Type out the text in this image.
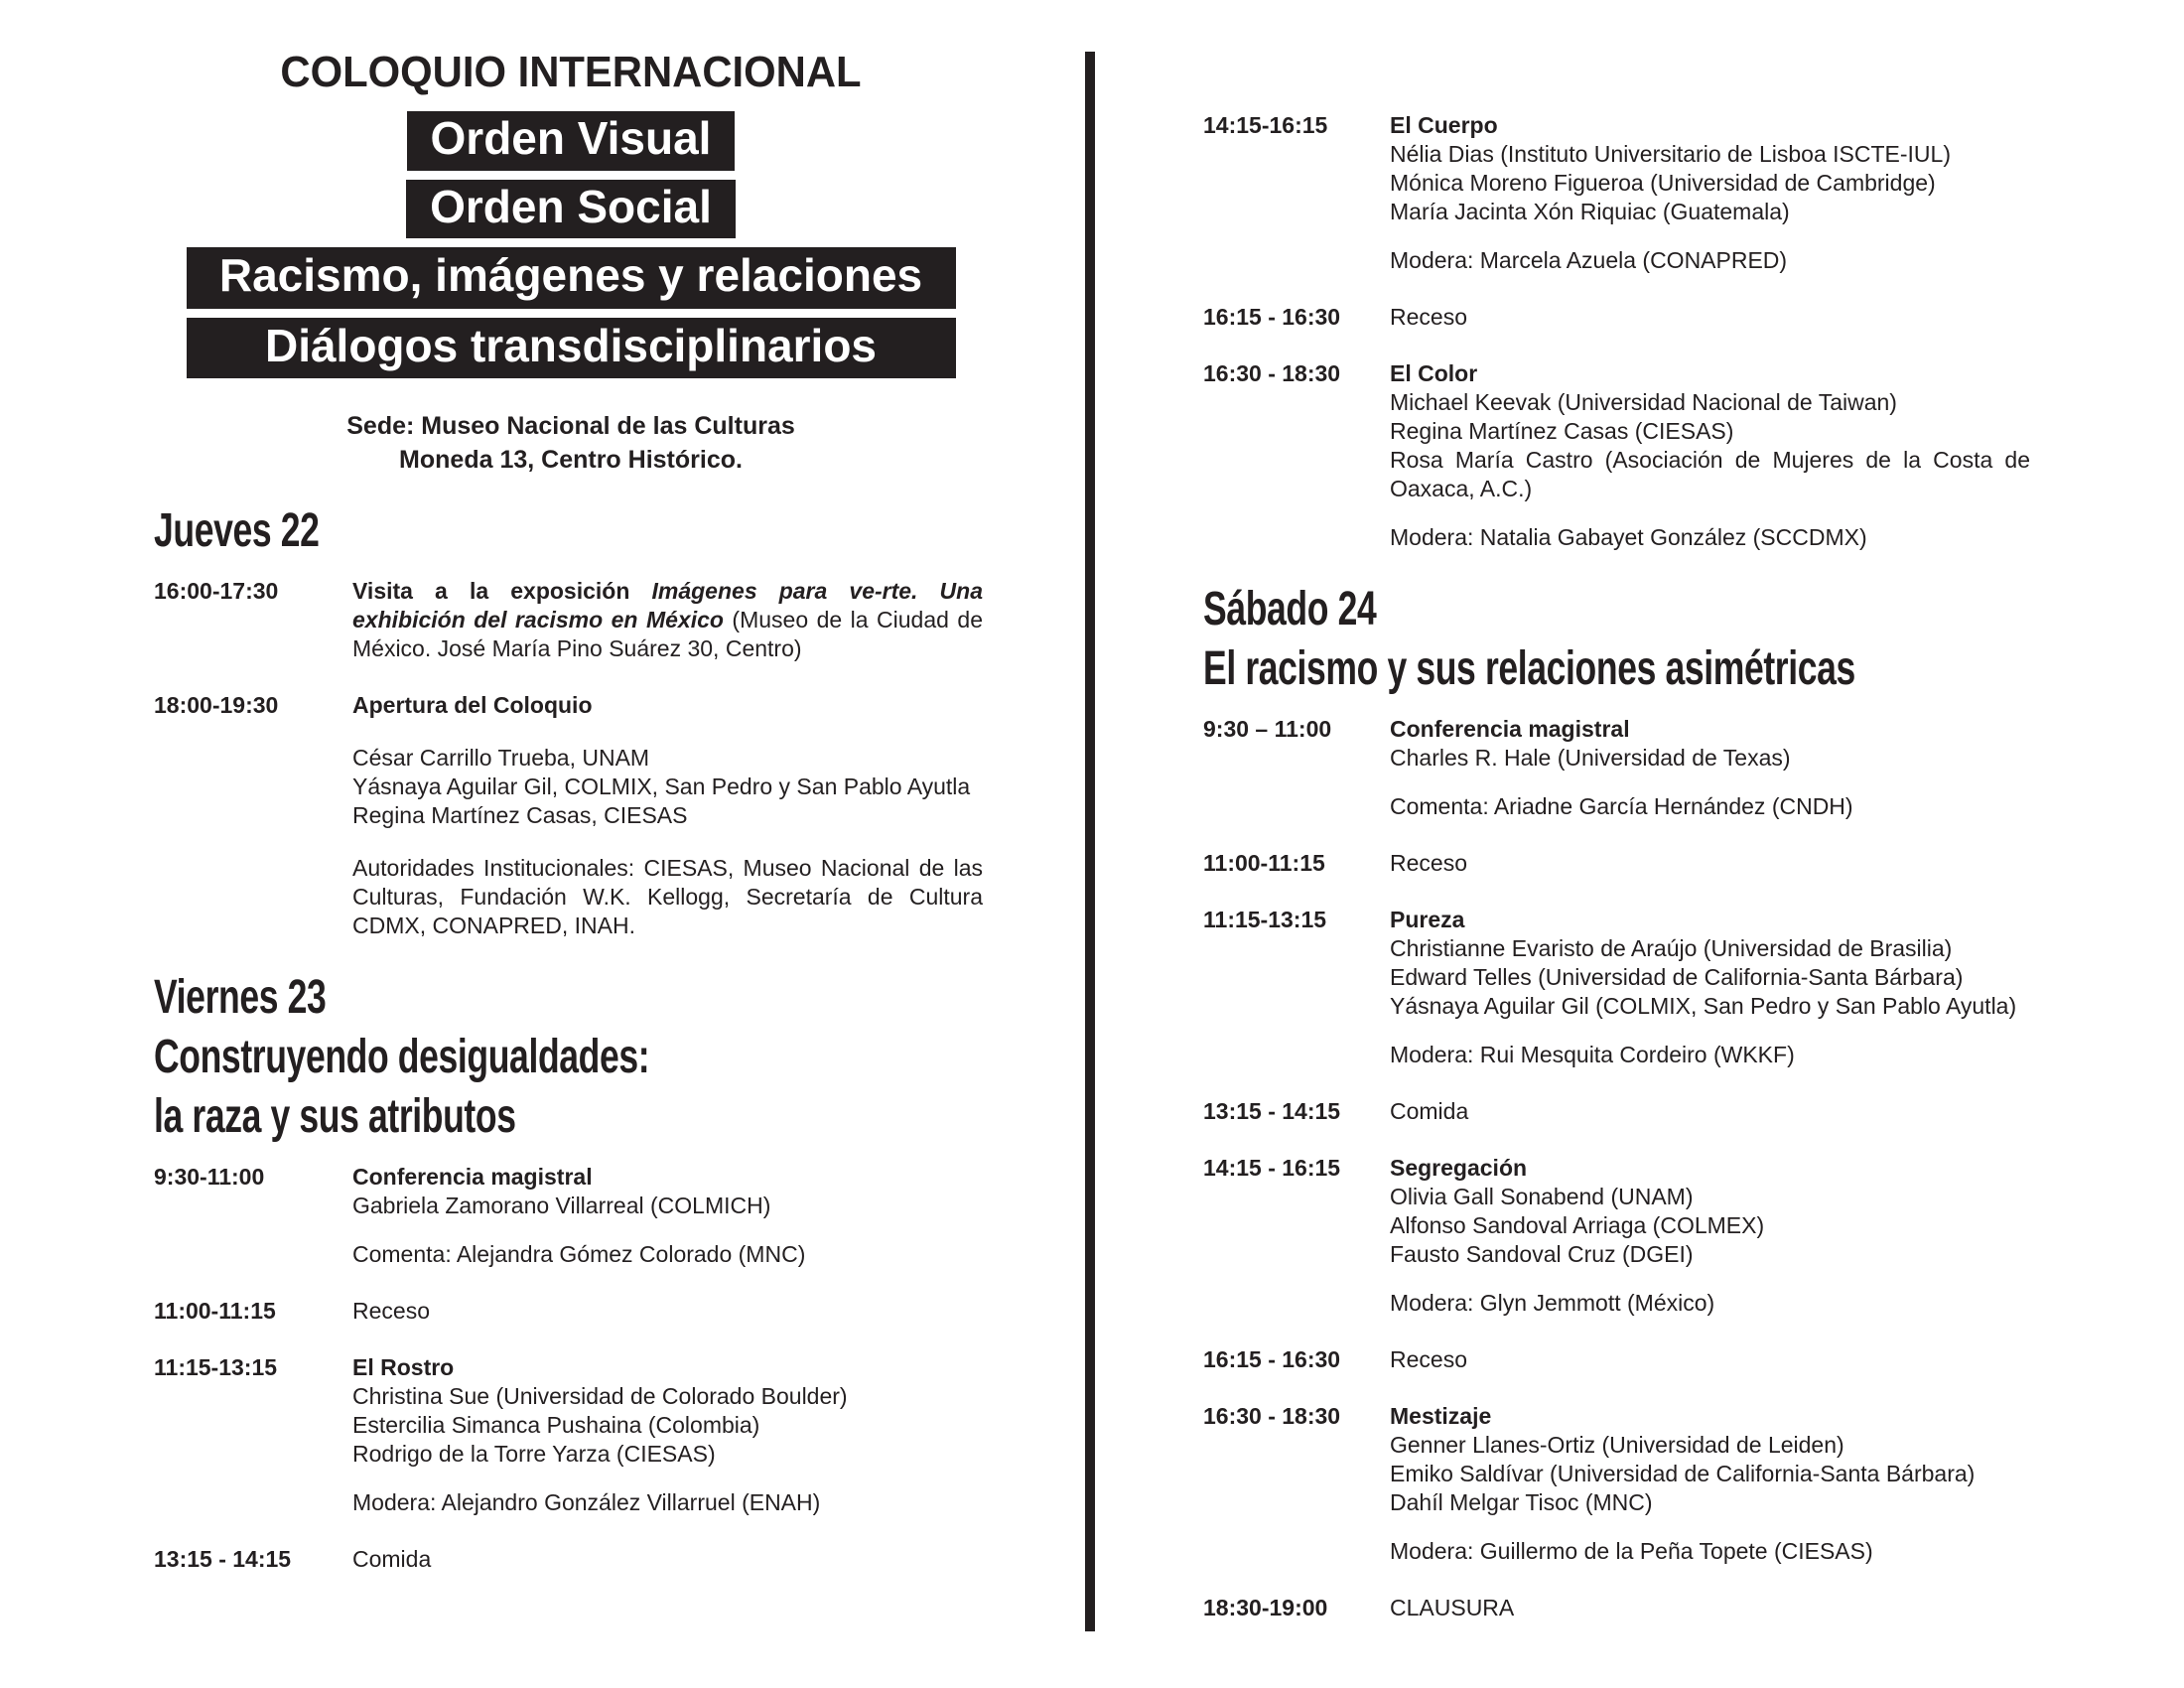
COLOQUIO INTERNACIONAL
Orden Visual
Orden Social
Racismo, imágenes y relaciones
Diálogos transdisciplinarios
Sede: Museo Nacional de las Culturas
Moneda 13, Centro Histórico.
Jueves 22
16:00-17:30	Visita a la exposición Imágenes para ve-rte. Una exhibición del racismo en México (Museo de la Ciudad de México. José María Pino Suárez 30, Centro)

18:00-19:30	Apertura del Coloquio

César Carrillo Trueba, UNAM
Yásnaya Aguilar Gil, COLMIX, San Pedro y San Pablo Ayutla
Regina Martínez Casas, CIESAS

Autoridades Institucionales: CIESAS, Museo Nacional de las Culturas, Fundación W.K. Kellogg, Secretaría de Cultura CDMX, CONAPRED, INAH.

Viernes 23
Construyendo desigualdades:
la raza y sus atributos
9:30-11:00	Conferencia magistral

Gabriela Zamorano Villarreal (COLMICH)

Comenta: Alejandra Gómez Colorado (MNC)

11:00-11:15	Receso

11:15-13:15	El Rostro

Christina Sue (Universidad de Colorado Boulder)
Estercilia Simanca Pushaina (Colombia)
Rodrigo de la Torre Yarza (CIESAS)

Modera: Alejandro González Villarruel (ENAH)

13:15 - 14:15	Comida

14:15-16:15	El Cuerpo

Nélia Dias (Instituto Universitario de Lisboa ISCTE-IUL)
Mónica Moreno Figueroa (Universidad de Cambridge)
María Jacinta Xón Riquiac (Guatemala)

Modera: Marcela Azuela (CONAPRED)

16:15 - 16:30	Receso

16:30 - 18:30	El Color

Michael Keevak (Universidad Nacional de Taiwan)
Regina Martínez Casas (CIESAS)
Rosa María Castro (Asociación de Mujeres de la Costa de Oaxaca, A.C.)

Modera: Natalia Gabayet González (SCCDMX)

Sábado 24
El racismo y sus relaciones asimétricas
9:30 – 11:00	Conferencia magistral

Charles R. Hale (Universidad de Texas)

Comenta: Ariadne García Hernández (CNDH)

11:00-11:15	Receso

11:15-13:15	Pureza

Christianne Evaristo de Araújo (Universidad de Brasilia)
Edward Telles (Universidad de California-Santa Bárbara)
Yásnaya Aguilar Gil (COLMIX, San Pedro y San Pablo Ayutla)

Modera: Rui Mesquita Cordeiro (WKKF)

13:15 - 14:15	Comida

14:15 - 16:15	Segregación

Olivia Gall Sonabend (UNAM)
Alfonso Sandoval Arriaga (COLMEX)
Fausto Sandoval Cruz (DGEI)

Modera: Glyn Jemmott (México)

16:15 - 16:30	Receso

16:30 - 18:30	Mestizaje

Genner Llanes-Ortiz (Universidad de Leiden)
Emiko Saldívar (Universidad de California-Santa Bárbara)
Dahíl Melgar Tisoc (MNC)

Modera: Guillermo de la Peña Topete (CIESAS)

18:30-19:00	CLAUSURA
